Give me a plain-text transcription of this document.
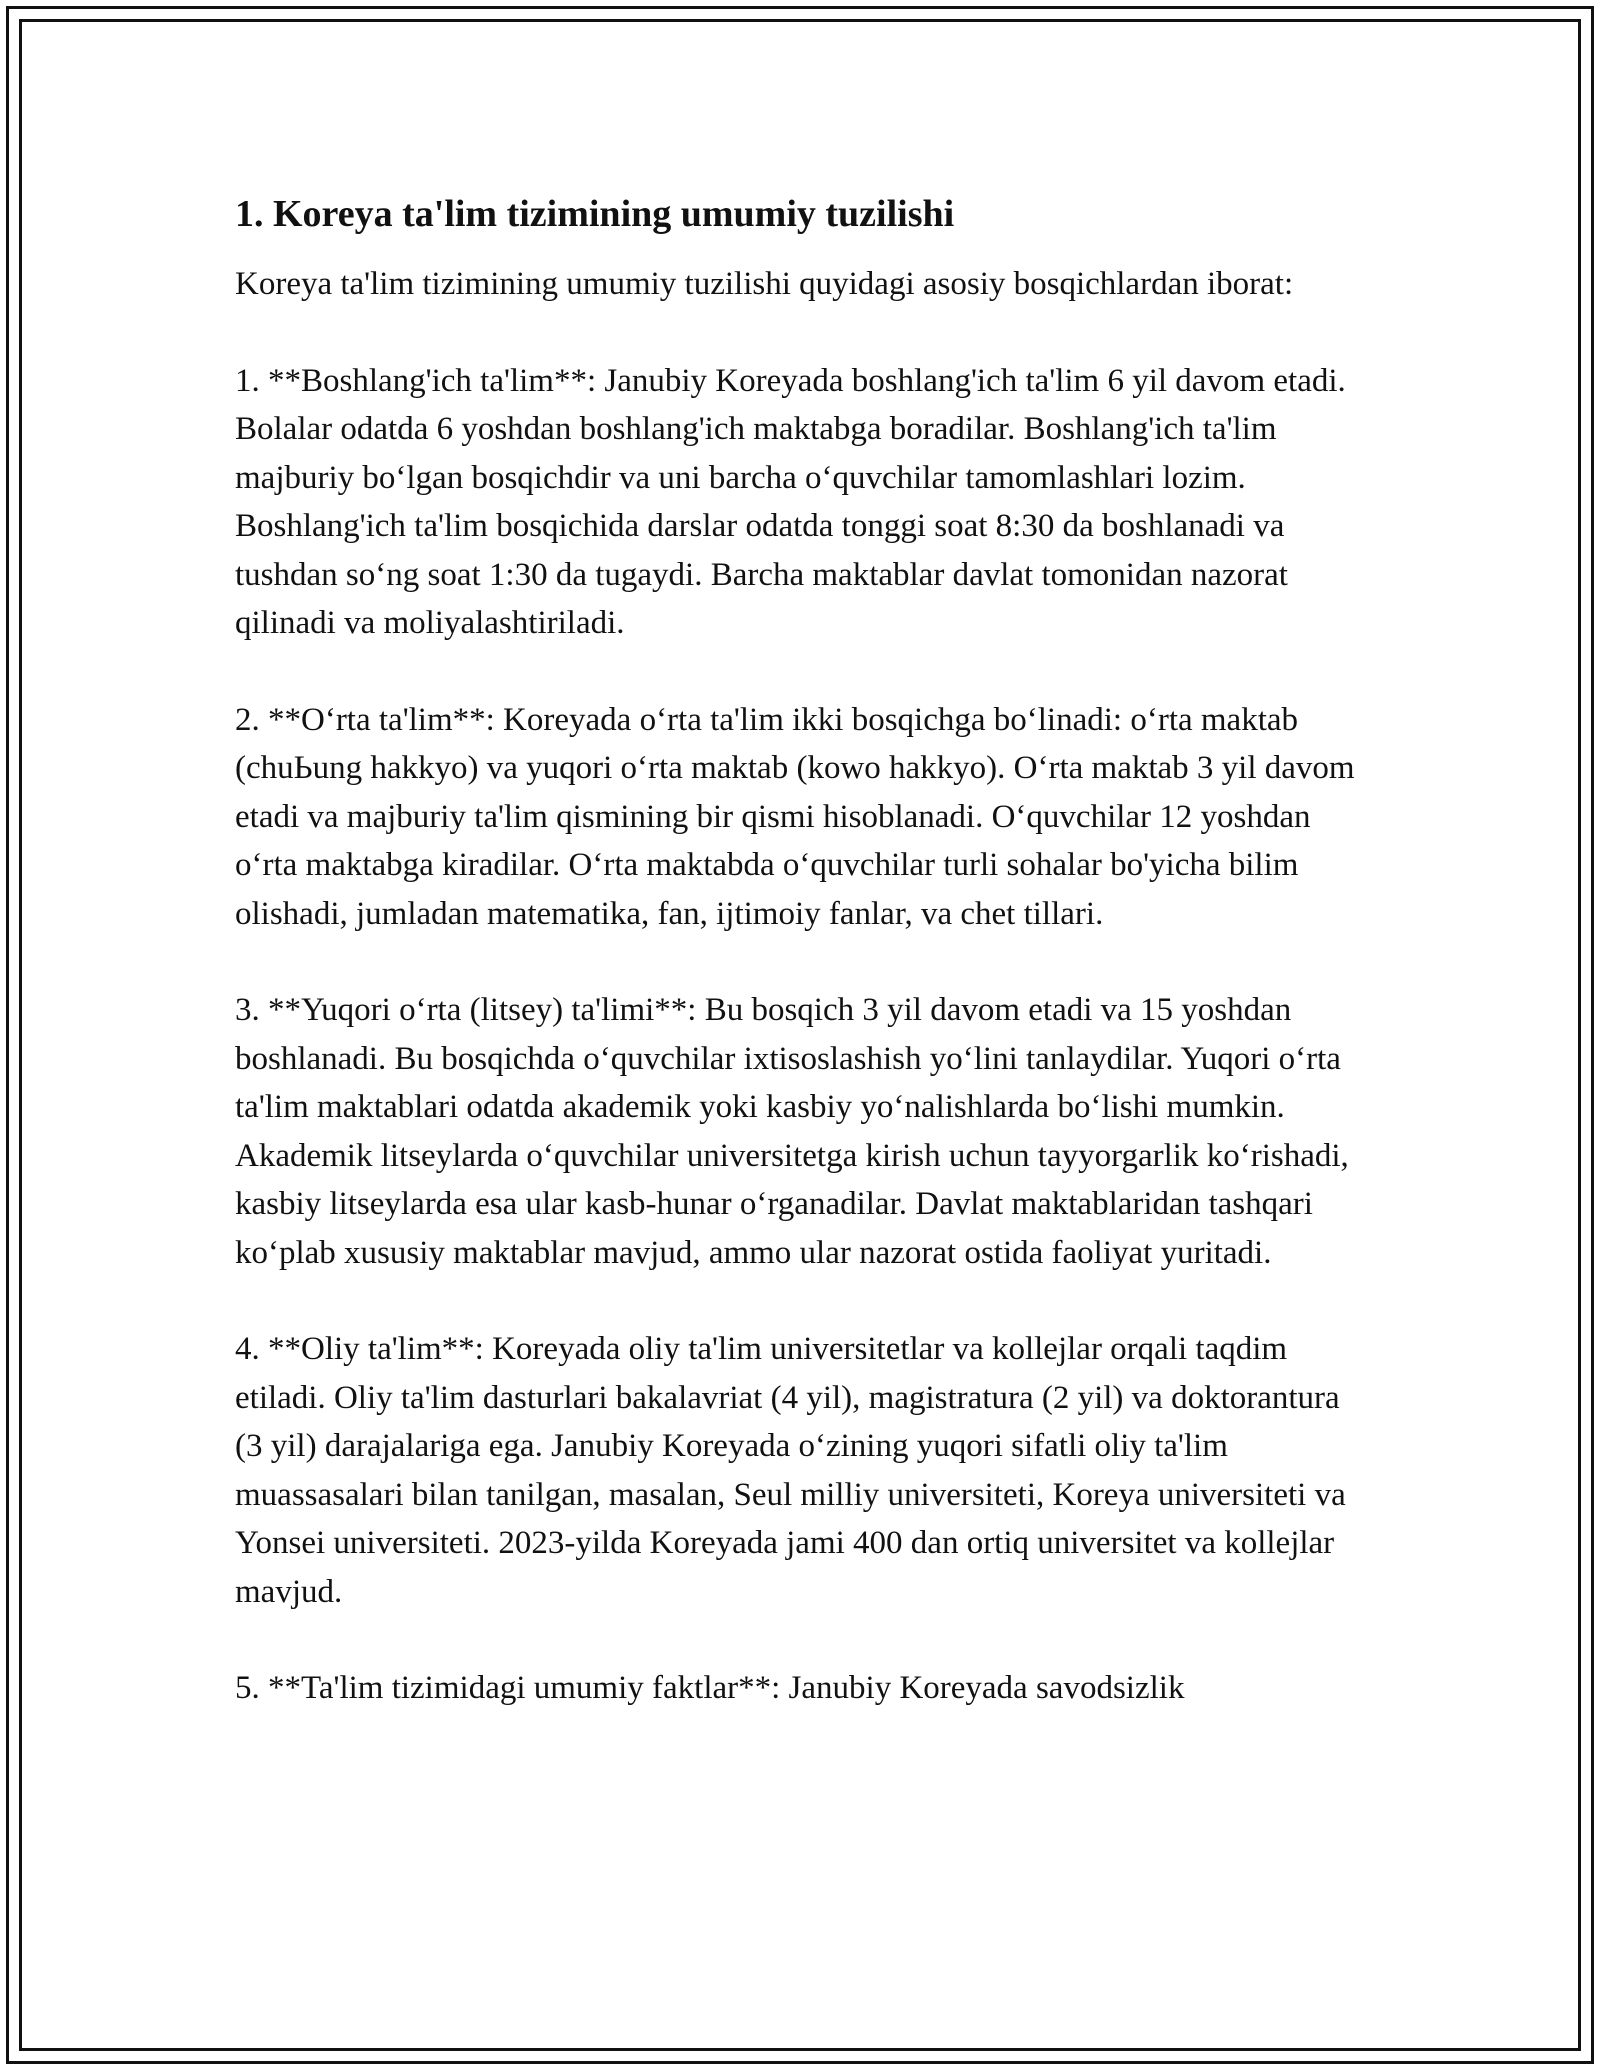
1. Koreya ta'lim tizimining umumiy tuzilishi

Koreya ta'lim tizimining umumiy tuzilishi quyidagi asosiy bosqichlardan iborat:

1. **Boshlang'ich ta'lim**: Janubiy Koreyada boshlang'ich ta'lim 6 yil davom etadi. Bolalar odatda 6 yoshdan boshlang'ich maktabga boradilar. Boshlang'ich ta'lim majburiy bo‘lgan bosqichdir va uni barcha o‘quvchilar tamomlashlari lozim. Boshlang'ich ta'lim bosqichida darslar odatda tonggi soat 8:30 da boshlanadi va tushdan so‘ng soat 1:30 da tugaydi. Barcha maktablar davlat tomonidan nazorat qilinadi va moliyalashtiriladi.

2. **O‘rta ta'lim**: Koreyada o‘rta ta'lim ikki bosqichga bo‘linadi: o‘rta maktab (chuЬung hakkyo) va yuqori o‘rta maktab (kowo hakkyo). O‘rta maktab 3 yil davom etadi va majburiy ta'lim qismining bir qismi hisoblanadi. O‘quvchilar 12 yoshdan o‘rta maktabga kiradilar. O‘rta maktabda o‘quvchilar turli sohalar bo'yicha bilim olishadi, jumladan matematika, fan, ijtimoiy fanlar, va chet tillari.

3. **Yuqori o‘rta (litsey) ta'limi**: Bu bosqich 3 yil davom etadi va 15 yoshdan boshlanadi. Bu bosqichda o‘quvchilar ixtisoslashish yo‘lini tanlaydilar. Yuqori o‘rta ta'lim maktablari odatda akademik yoki kasbiy yo‘nalishlarda bo‘lishi mumkin. Akademik litseylarda o‘quvchilar universitetga kirish uchun tayyorgarlik ko‘rishadi, kasbiy litseylarda esa ular kasb-hunar o‘rganadilar. Davlat maktablaridan tashqari ko‘plab xususiy maktablar mavjud, ammo ular nazorat ostida faoliyat yuritadi.

4. **Oliy ta'lim**: Koreyada oliy ta'lim universitetlar va kollejlar orqali taqdim etiladi. Oliy ta'lim dasturlari bakalavriat (4 yil), magistratura (2 yil) va doktorantura (3 yil) darajalariga ega. Janubiy Koreyada o‘zining yuqori sifatli oliy ta'lim muassasalari bilan tanilgan, masalan, Seul milliy universiteti, Koreya universiteti va Yonsei universiteti. 2023-yilda Koreyada jami 400 dan ortiq universitet va kollejlar mavjud.

5. **Ta'lim tizimidagi umumiy faktlar**: Janubiy Koreyada savodsizlik
